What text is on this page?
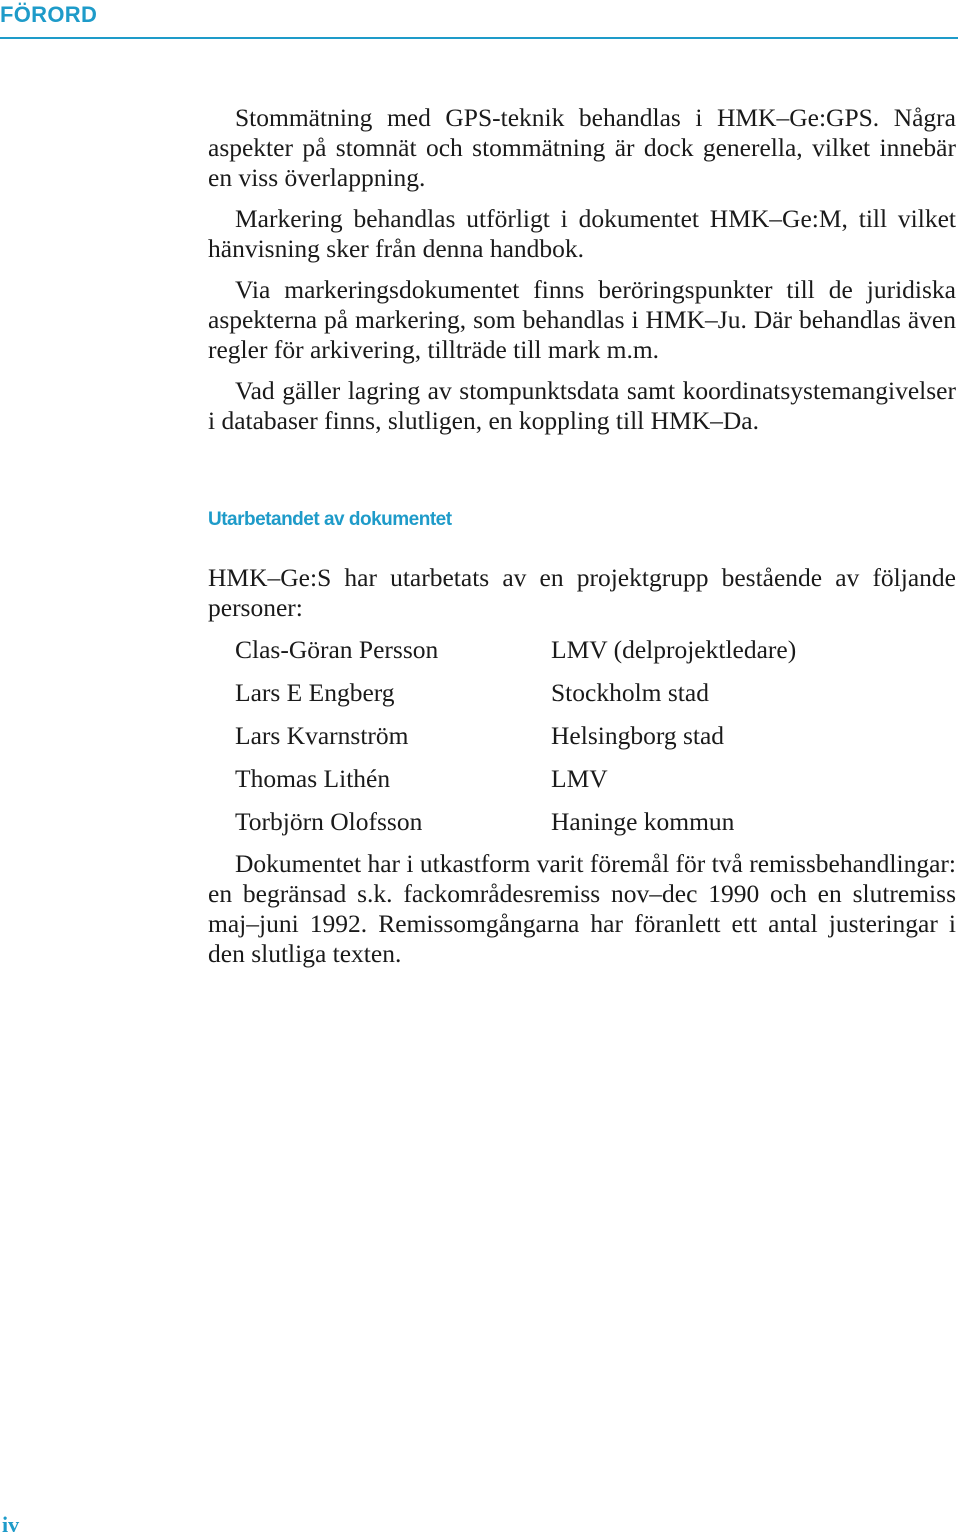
FÖRORD

Stommätning med GPS-teknik behandlas i HMK–Ge:GPS. Några aspekter på stomnät och stommätning är dock generella, vilket innebär en viss överlappning.

Markering behandlas utförligt i dokumentet HMK–Ge:M, till vilket hänvisning sker från denna handbok.

Via markeringsdokumentet finns beröringspunkter till de juridiska aspekterna på markering, som behandlas i HMK–Ju. Där behandlas även regler för arkivering, tillträde till mark m.m.

Vad gäller lagring av stompunktsdata samt koordinatsystemangivelser i databaser finns, slutligen, en koppling till HMK–Da.

Utarbetandet av dokumentet

HMK–Ge:S har utarbetats av en projektgrupp bestående av följande personer:

Clas-Göran Persson	LMV (delprojektledare)
Lars E Engberg	Stockholm stad
Lars Kvarnström	Helsingborg stad
Thomas Lithén	LMV
Torbjörn Olofsson	Haninge kommun

Dokumentet har i utkastform varit föremål för två remissbehandlingar: en begränsad s.k. fackområdesremiss nov–dec 1990 och en slutremiss maj–juni 1992. Remissomgångarna har föranlett ett antal justeringar i den slutliga texten.

iv
